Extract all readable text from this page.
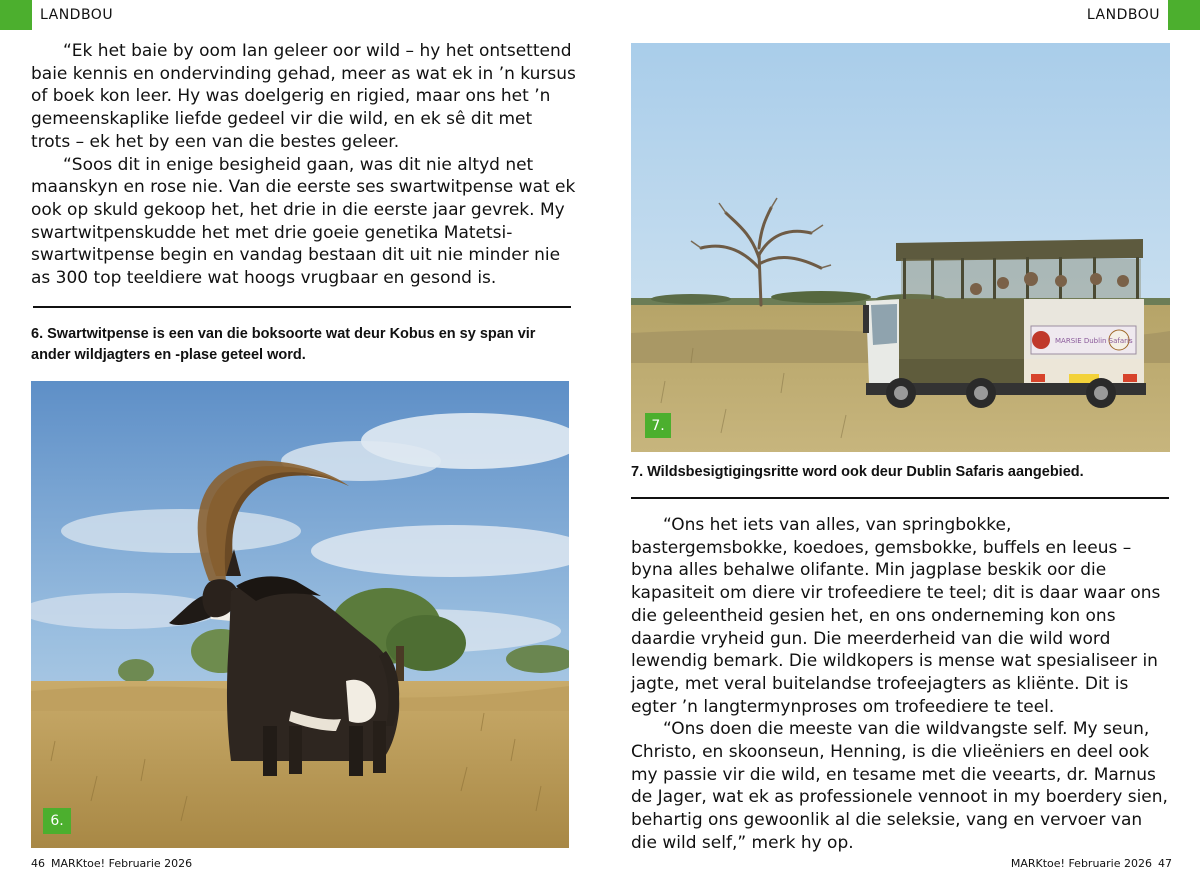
LANDBOU	LANDBOU

“Ek het baie by oom Ian geleer oor wild – hy het ontsettend baie kennis en ondervinding gehad, meer as wat ek in ’n kursus of boek kon leer. Hy was doelgerig en rigied, maar ons het ’n gemeenskaplike liefde gedeel vir die wild, en ek sê dit met trots – ek het by een van die bestes geleer.

“Soos dit in enige besigheid gaan, was dit nie altyd net maanskyn en rose nie. Van die eerste ses swartwitpense wat ek ook op skuld gekoop het, het drie in die eerste jaar gevrek. My swartwitpenskudde het met drie goeie genetika Matetsi-swartwitpense begin en vandag bestaan dit uit nie minder nie as 300 top teeldiere wat hoogs vrugbaar en gesond is.

6. Swartwitpense is een van die boksoorte wat deur Kobus en sy span vir ander wildjagters en -plase geteel word.
6.
MARSIE Dublin Safaris
7.
7. Wildsbesigtigingsritte word ook deur Dublin Safaris aangebied.

“Ons het iets van alles, van springbokke, bastergemsbokke, koedoes, gemsbokke, buffels en leeus – byna alles behalwe olifante. Min jagplase beskik oor die kapasiteit om diere vir trofeediere te teel; dit is daar waar ons die geleentheid gesien het, en ons onderneming kon ons daardie vryheid gun. Die meerderheid van die wild word lewendig bemark. Die wildkopers is mense wat spesialiseer in jagte, met veral buitelandse trofeejagters as kliënte. Dit is egter ’n langtermynproses om trofeediere te teel.

“Ons doen die meeste van die wildvangste self. My seun, Christo, en skoonseun, Henning, is die vlieëniers en deel ook my passie vir die wild, en tesame met die veearts, dr. Marnus de Jager, wat ek as professionele vennoot in my boerdery sien, behartig ons gewoonlik al die seleksie, vang en vervoer van die wild self,” merk hy op.

46 MARKtoe! Februarie 2026	MARKtoe! Februarie 2026 47
